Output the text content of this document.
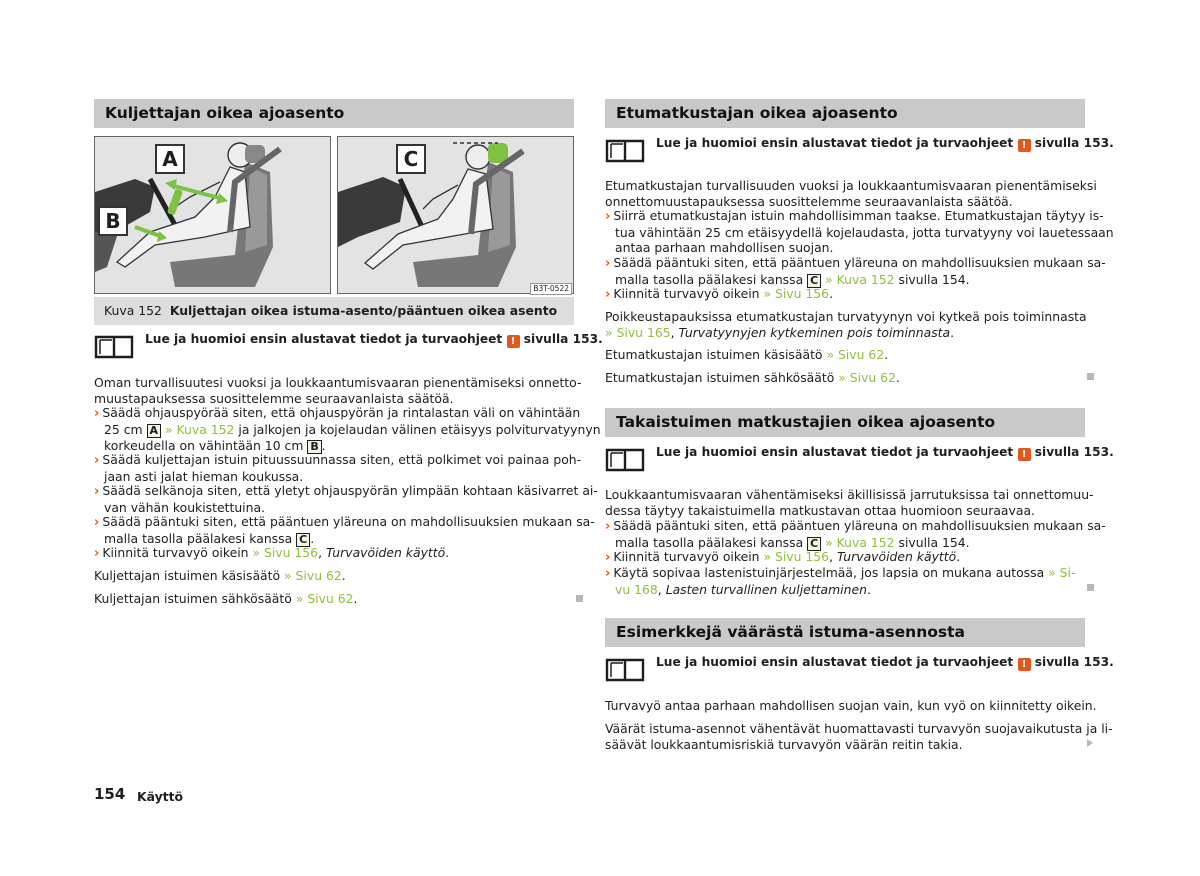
Kuljettajan oikea ajoasento
A
B
C
B3T-0522
Kuva 152 Kuljettajan oikea istuma-asento/pääntuen oikea asento
Lue ja huomioi ensin alustavat tiedot ja turvaohjeet ! sivulla 153.
Oman turvallisuutesi vuoksi ja loukkaantumisvaaran pienentämiseksi onnetto-
muustapauksessa suosittelemme seuraavanlaista säätöä.
› Säädä ohjauspyörää siten, että ohjauspyörän ja rintalastan väli on vähintään
25 cm A » Kuva 152 ja jalkojen ja kojelaudan välinen etäisyys polviturvatyynyn
korkeudella on vähintään 10 cm B .
› Säädä kuljettajan istuin pituussuunnassa siten, että polkimet voi painaa poh-
jaan asti jalat hieman koukussa.
› Säädä selkänoja siten, että yletyt ohjauspyörän ylimpään kohtaan käsivarret ai-
van vähän koukistettuina.
› Säädä pääntuki siten, että pääntuen yläreuna on mahdollisuuksien mukaan sa-
malla tasolla päälakesi kanssa C .
› Kiinnitä turvavyö oikein » Sivu 156, Turvavöiden käyttö.
Kuljettajan istuimen käsisäätö » Sivu 62.
Kuljettajan istuimen sähkösäätö » Sivu 62.
Etumatkustajan oikea ajoasento
Lue ja huomioi ensin alustavat tiedot ja turvaohjeet ! sivulla 153.
Etumatkustajan turvallisuuden vuoksi ja loukkaantumisvaaran pienentämiseksi
onnettomuustapauksessa suosittelemme seuraavanlaista säätöä.
› Siirrä etumatkustajan istuin mahdollisimman taakse. Etumatkustajan täytyy is-
tua vähintään 25 cm etäisyydellä kojelaudasta, jotta turvatyyny voi lauetessaan
antaa parhaan mahdollisen suojan.
› Säädä pääntuki siten, että pääntuen yläreuna on mahdollisuuksien mukaan sa-
malla tasolla päälakesi kanssa C » Kuva 152 sivulla 154.
› Kiinnitä turvavyö oikein » Sivu 156.
Poikkeustapauksissa etumatkustajan turvatyynyn voi kytkeä pois toiminnasta
» Sivu 165, Turvatyynyjen kytkeminen pois toiminnasta.
Etumatkustajan istuimen käsisäätö » Sivu 62.
Etumatkustajan istuimen sähkösäätö » Sivu 62.
Takaistuimen matkustajien oikea ajoasento
Lue ja huomioi ensin alustavat tiedot ja turvaohjeet ! sivulla 153.
Loukkaantumisvaaran vähentämiseksi äkillisissä jarrutuksissa tai onnettomuu-
dessa täytyy takaistuimella matkustavan ottaa huomioon seuraavaa.
› Säädä pääntuki siten, että pääntuen yläreuna on mahdollisuuksien mukaan sa-
malla tasolla päälakesi kanssa C » Kuva 152 sivulla 154.
› Kiinnitä turvavyö oikein » Sivu 156, Turvavöiden käyttö.
› Käytä sopivaa lastenistuinjärjestelmää, jos lapsia on mukana autossa » Si-
vu 168, Lasten turvallinen kuljettaminen.
Esimerkkejä väärästä istuma-asennosta
Lue ja huomioi ensin alustavat tiedot ja turvaohjeet ! sivulla 153.
Turvavyö antaa parhaan mahdollisen suojan vain, kun vyö on kiinnitetty oikein.
Väärät istuma-asennot vähentävät huomattavasti turvavyön suojavaikutusta ja li-
säävät loukkaantumisriskiä turvavyön väärän reitin takia.
154 Käyttö
